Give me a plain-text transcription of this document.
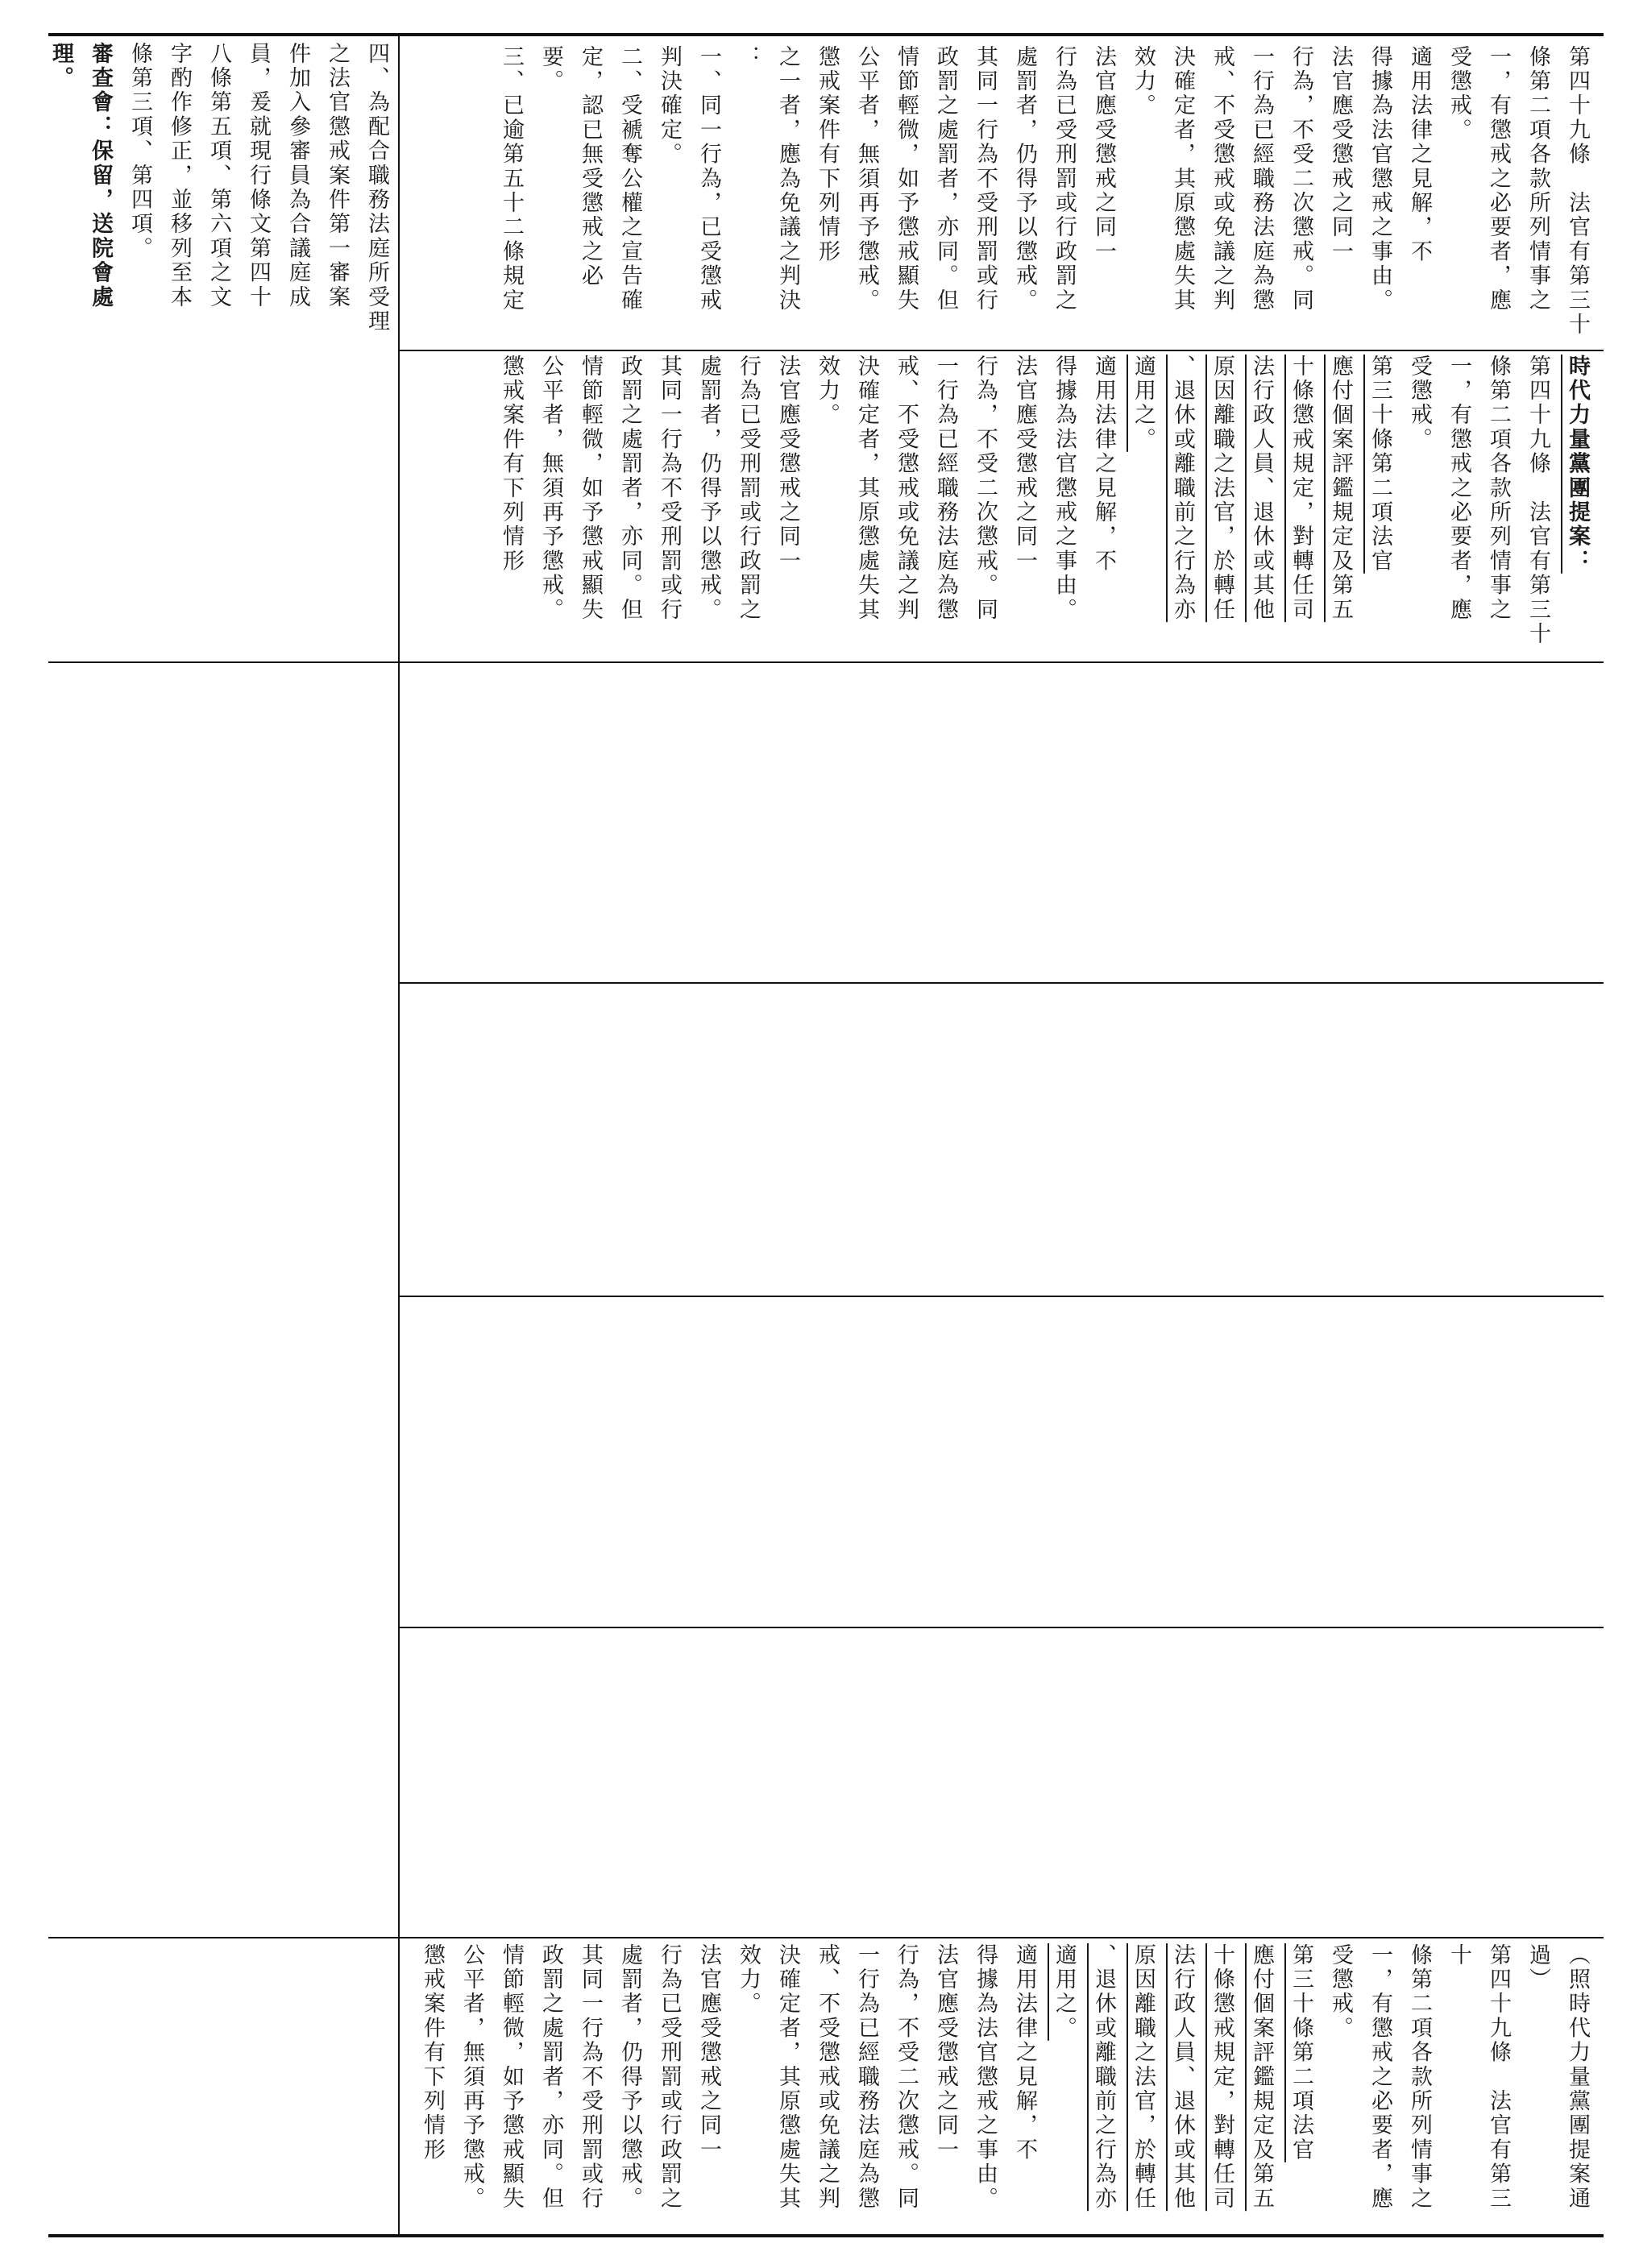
四、為配合職務法庭所受理

之法官懲戒案件第一審案

件加入參審員為合議庭成

員，爰就現行條文第四十

八條第五項、第六項之文

字酌作修正，並移列至本

條第三項、第四項。

審查會：保留，送院會處理。

時代力量黨團提案：

第四十九條　法官有第三十

條第二項各款所列情事之

一，有懲戒之必要者，應

受懲戒。

第三十條第二項法官

應付個案評鑑規定及第五

十條懲戒規定，對轉任司

法行政人員、退休或其他

原因離職之法官，於轉任

、退休或離職前之行為亦

適用之。

適用法律之見解，不

得據為法官懲戒之事由。

法官應受懲戒之同一

行為，不受二次懲戒。同

一行為已經職務法庭為懲

戒、不受懲戒或免議之判

決確定者，其原懲處失其

效力。

法官應受懲戒之同一

行為已受刑罰或行政罰之

處罰者，仍得予以懲戒。

其同一行為不受刑罰或行

政罰之處罰者，亦同。但

情節輕微，如予懲戒顯失

公平者，無須再予懲戒。

懲戒案件有下列情形

第四十九條　法官有第三十

條第二項各款所列情事之

一，有懲戒之必要者，應

受懲戒。

適用法律之見解，不

得據為法官懲戒之事由。

法官應受懲戒之同一

行為，不受二次懲戒。同

一行為已經職務法庭為懲

戒、不受懲戒或免議之判

決確定者，其原懲處失其

效力。

法官應受懲戒之同一

行為已受刑罰或行政罰之

處罰者，仍得予以懲戒。

其同一行為不受刑罰或行

政罰之處罰者，亦同。但

情節輕微，如予懲戒顯失

公平者，無須再予懲戒。

懲戒案件有下列情形

之一者，應為免議之判決

：

一、同一行為，已受懲戒

判決確定。

二、受褫奪公權之宣告確

定，認已無受懲戒之必

要。

三、已逾第五十二條規定

（照時代力量黨團提案通過）

第四十九條　法官有第三十

條第二項各款所列情事之

一，有懲戒之必要者，應

受懲戒。

第三十條第二項法官

應付個案評鑑規定及第五

十條懲戒規定，對轉任司

法行政人員、退休或其他

原因離職之法官，於轉任

、退休或離職前之行為亦

適用之。

適用法律之見解，不

得據為法官懲戒之事由。

法官應受懲戒之同一

行為，不受二次懲戒。同

一行為已經職務法庭為懲

戒、不受懲戒或免議之判

決確定者，其原懲處失其

效力。

法官應受懲戒之同一

行為已受刑罰或行政罰之

處罰者，仍得予以懲戒。

其同一行為不受刑罰或行

政罰之處罰者，亦同。但

情節輕微，如予懲戒顯失

公平者，無須再予懲戒。

懲戒案件有下列情形
